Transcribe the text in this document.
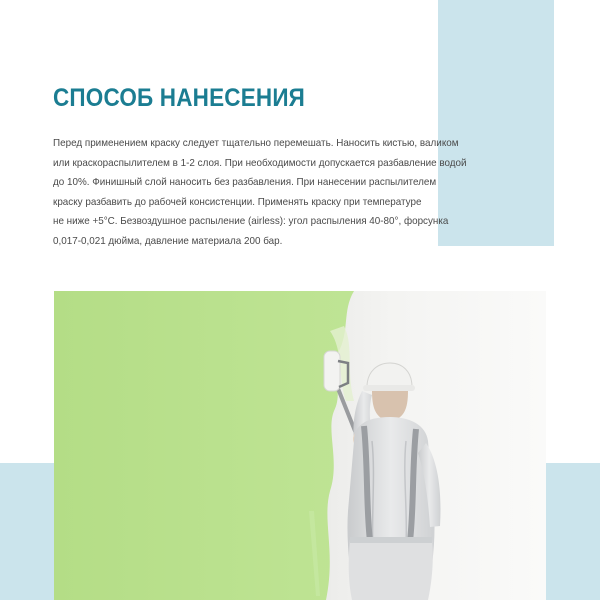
СПОСОБ НАНЕСЕНИЯ

Перед применением краску следует тщательно перемешать. Наносить кистью, валиком
или краскораспылителем в 1-2 слоя. При необходимости допускается разбавление водой
до 10%. Финишный слой наносить без разбавления. При нанесении распылителем
краску разбавить до рабочей консистенции. Применять краску при температуре
не ниже +5°С. Безвоздушное распыление (airless): угол распыления 40-80°, форсунка
0,017-0,021 дюйма, давление материала 200 бар.
